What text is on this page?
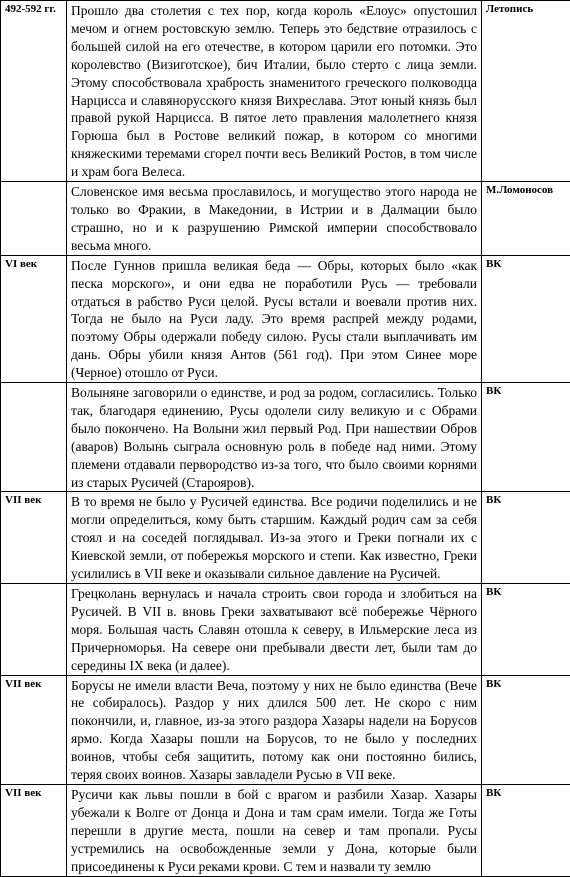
492-592 гг.	Прошло два столетия с тех пор, когда король «Елоус» опустошил мечом и огнем ростовскую землю. Теперь это бедствие отразилось с большей силой на его отечестве, в котором царили его потомки. Это королевство (Визиготское), бич Италии, было стерто с лица земли. Этому способствовала храбрость знаменитого греческого полководца Нарцисса и славянорусского князя Вихреслава. Этот юный князь был правой рукой Нарцисса. В пятое лето правления малолетнего князя Горюша был в Ростове великий пожар, в котором со многими княжескими теремами сгорел почти весь Великий Ростов, в том числе и храм бога Велеса.	Летопись
	Словенское имя весьма прославилось, и могущество этого народа не только во Фракии, в Македонии, в Истрии и в Далмации было страшно, но и к разрушению Римской империи способствовало весьма много.	М.Ломоносов
VI век	После Гуннов пришла великая беда — Обры, которых было «как песка морского», и они едва не поработили Русь — требовали отдаться в рабство Руси целой. Русы встали и воевали против них. Тогда не было на Руси ладу. Это время распрей между родами, поэтому Обры одержали победу силою. Русы стали выплачивать им дань. Обры убили князя Антов (561 год). При этом Синее море (Черное) отошло от Руси.	ВК
	Волыняне заговорили о единстве, и род за родом, согласились. Только так, благодаря единению, Русы одолели силу великую и с Обрами было покончено. На Волыни жил первый Род. При нашествии Обров (аваров) Волынь сыграла основную роль в победе над ними. Этому племени отдавали первородство из-за того, что было своими корнями из старых Русичей (Старояров).	ВК
VII век	В то время не было у Русичей единства. Все родичи поделились и не могли определиться, кому быть старшим. Каждый родич сам за себя стоял и на соседей поглядывал. Из-за этого и Греки погнали их с Киевской земли, от побережья морского и степи. Как известно, Греки усилились в VII веке и оказывали сильное давление на Русичей.	ВК
	Грецколань вернулась и начала строить свои города и злобиться на Русичей. В VII в. вновь Греки захватывают всё побережье Чёрного моря. Большая часть Славян отошла к северу, в Ильмерские леса из Причерноморья. На севере они пребывали двести лет, были там до середины IX века (и далее).	ВК
VII век	Борусы не имели власти Веча, поэтому у них не было единства (Вече не собиралось). Раздор у них длился 500 лет. Не скоро с ним покончили, и, главное, из-за этого раздора Хазары надели на Борусов ярмо. Когда Хазары пошли на Борусов, то не было у последних воинов, чтобы себя защитить, потому как они постоянно бились, теряя своих воинов. Хазары завладели Русью в VII веке.	ВК
VII век	Русичи как львы пошли в бой с врагом и разбили Хазар. Хазары убежали к Волге от Донца и Дона и там срам имели. Тогда же Готы перешли в другие места, пошли на север и там пропали. Русы устремились на освобожденные земли у Дона, которые были присоединены к Руси реками крови. С тем и назвали ту землю	ВК
